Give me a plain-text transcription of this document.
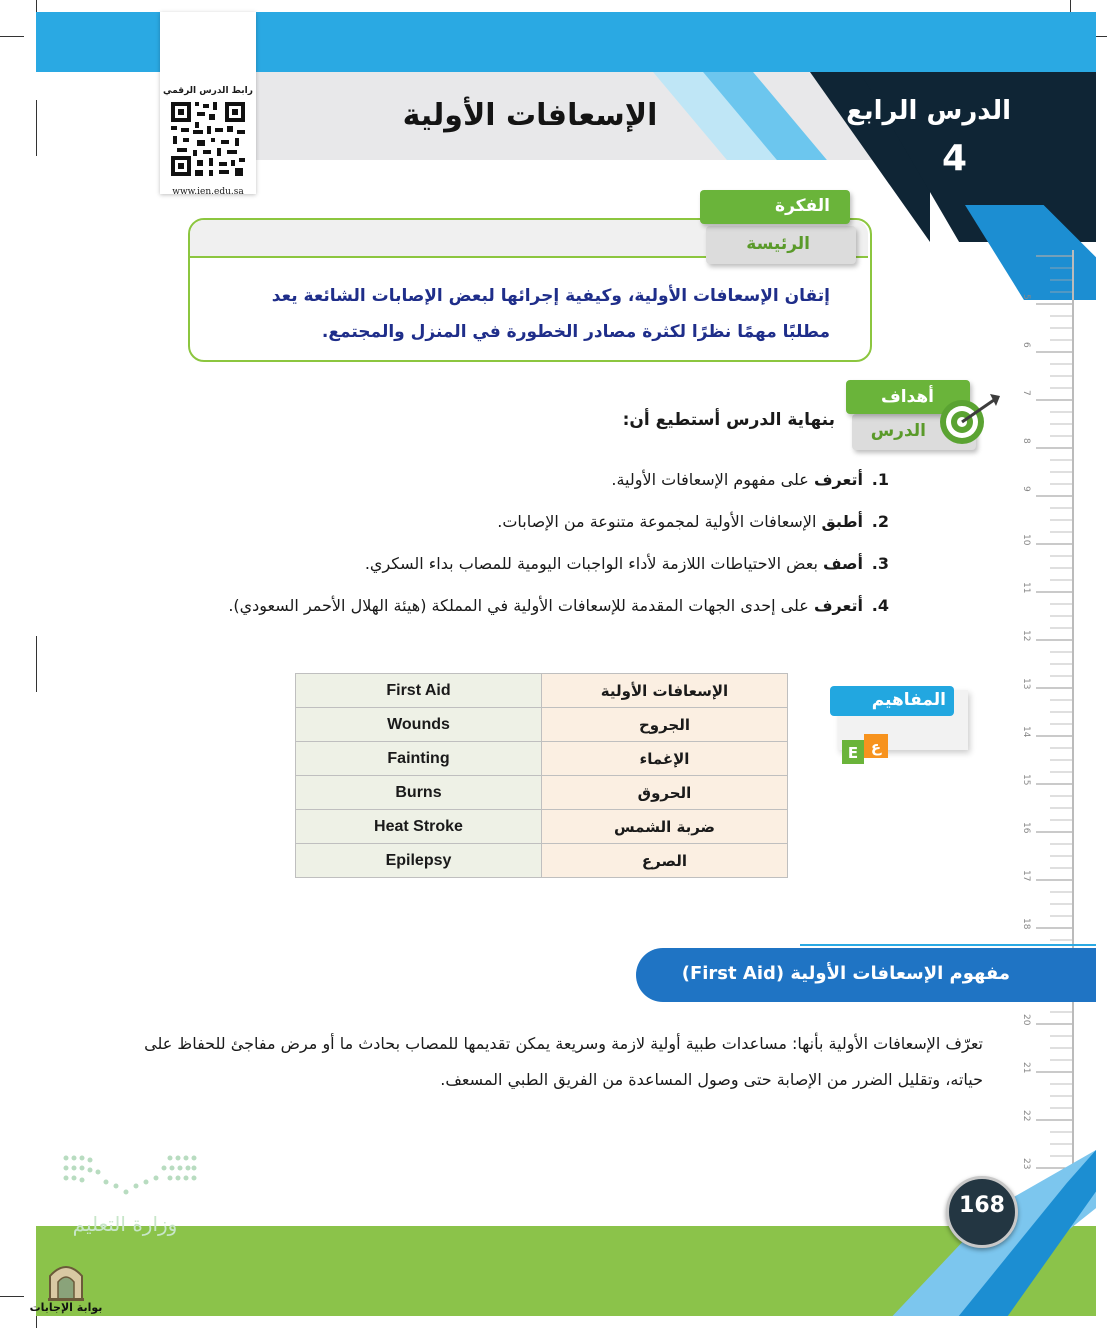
الدرس الرابع
4
الإسعافات الأولية
رابط الدرس الرقمي
www.ien.edu.sa
الفكرة
الرئيسة
إتقان الإسعافات الأولية، وكيفية إجرائها لبعض الإصابات الشائعة يعد مطلبًا مهمًا نظرًا لكثرة مصادر الخطورة في المنزل والمجتمع.
أهداف
الدرس
بنهاية الدرس أستطيع أن:
1.أتعرف على مفهوم الإسعافات الأولية.
2.أطبق الإسعافات الأولية لمجموعة متنوعة من الإصابات.
3.أصف بعض الاحتياطات اللازمة لأداء الواجبات اليومية للمصاب بداء السكري.
4.أتعرف على إحدى الجهات المقدمة للإسعافات الأولية في المملكة (هيئة الهلال الأحمر السعودي).
المفاهيم
E ع
First Aid	الإسعافات الأولية
Wounds	الجروح
Fainting	الإغماء
Burns	الحروق
Heat Stroke	ضربة الشمس
Epilepsy	الصرع
5
6
7
8
9
10
11
12
13
14
15
16
17
18
20
21
22
23
مفهوم الإسعافات الأولية (First Aid)
تعرّف الإسعافات الأولية بأنها: مساعدات طبية أولية لازمة وسريعة يمكن تقديمها للمصاب بحادث ما أو مرض مفاجئ للحفاظ على حياته، وتقليل الضرر من الإصابة حتى وصول المساعدة من الفريق الطبي المسعف.
168
وزارة التعليم
بوابة الإجابات
